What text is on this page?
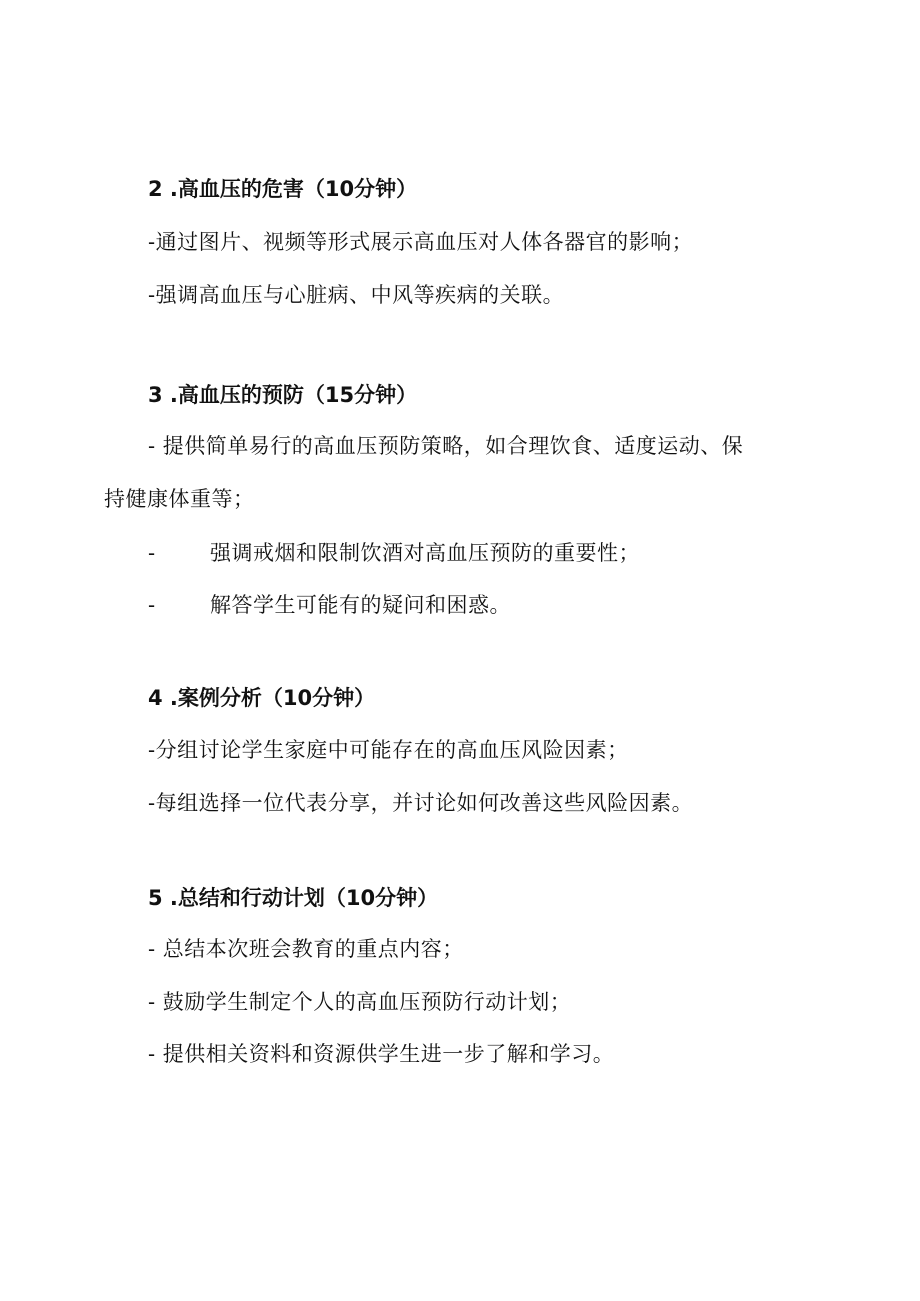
2 .高血压的危害（10分钟）
-通过图片、视频等形式展示高血压对人体各器官的影响；
-强调高血压与心脏病、中风等疾病的关联。
3 .高血压的预防（15分钟）
- 提供简单易行的高血压预防策略，如合理饮食、适度运动、保
持健康体重等；
-	强调戒烟和限制饮酒对高血压预防的重要性；
-	解答学生可能有的疑问和困惑。
4 .案例分析（10分钟）
-分组讨论学生家庭中可能存在的高血压风险因素；
-每组选择一位代表分享，并讨论如何改善这些风险因素。
5 .总结和行动计划（10分钟）
- 总结本次班会教育的重点内容；
- 鼓励学生制定个人的高血压预防行动计划；
- 提供相关资料和资源供学生进一步了解和学习。
